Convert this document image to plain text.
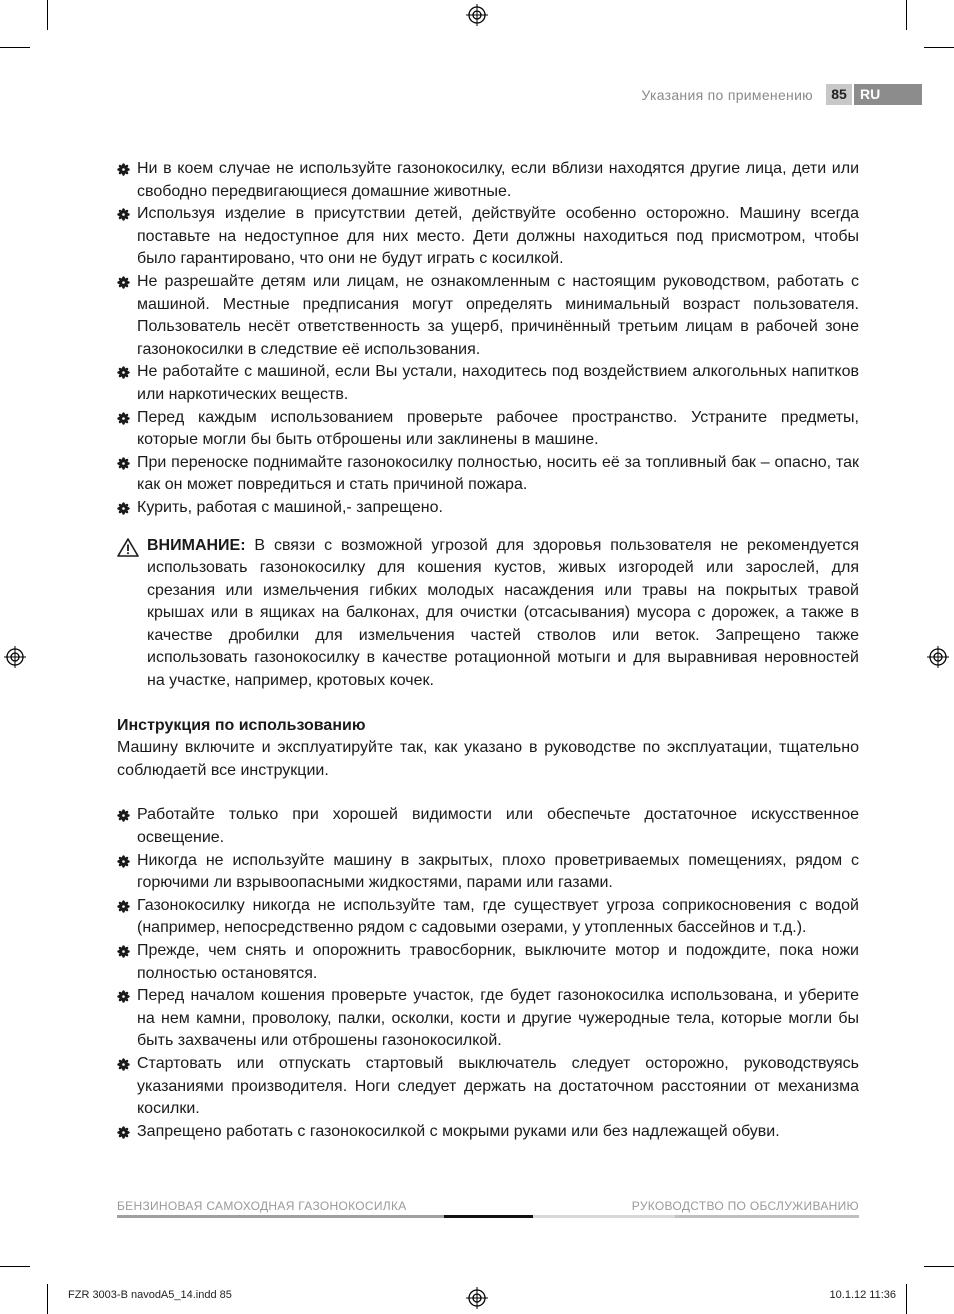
Указания по применению	85 RU
Ни в коем случае не используйте газонокосилку, если вблизи находятся другие лица, дети или свободно передвигающиеся домашние животные.
Используя изделие в присутствии детей, действуйте особенно осторожно. Машину всегда поставьте на недоступное для них место. Дети должны находиться под присмотром, чтобы было гарантировано, что они не будут играть с косилкой.
Не разрешайте детям или лицам, не ознакомленным с настоящим руководством, работать с машиной. Местные предписания могут определять минимальный возраст пользователя. Пользователь несёт ответственность за ущерб, причинённый третьим лицам в рабочей зоне газонокосилки в следствие её использования.
Не работайте с машиной, если Вы устали, находитесь под воздействием алкогольных напитков или наркотических веществ.
Перед каждым использованием проверьте рабочее пространство. Устраните предметы, которые могли бы быть отброшены или заклинены в машине.
При переноске поднимайте газонокосилку полностью, носить её за топливный бак – опасно, так как он может повредиться и стать причиной пожара.
Курить, работая с машиной,- запрещено.
ВНИМАНИЕ: В связи с возможной угрозой для здоровья пользователя не рекомендуется использовать газонокосилку для кошения кустов, живых изгородей или зарослей, для срезания или измельчения гибких молодых насаждения или травы на покрытых травой крышах или в ящиках на балконах, для очистки (отсасывания) мусора с дорожек, а также в качестве дробилки для измельчения частей стволов или веток. Запрещено также использовать газонокосилку в качестве ротационной мотыги и для выравнивая неровностей на участке, например, кротовых кочек.
Инструкция по использованию
Машину включите и эксплуатируйте так, как указано в руководстве по эксплуатации, тщательно соблюдаетй все инструкции.
Работайте только при хорошей видимости или обеспечьте достаточное искусственное освещение.
Никогда не используйте машину в закрытых, плохо проветриваемых помещениях, рядом с горючими ли взрывоопасными жидкостями, парами или газами.
Газонокосилку никогда не используйте там, где существует угроза соприкосновения с водой (например, непосредственно рядом с садовыми озерами, у утопленных бассейнов и т.д.).
Прежде, чем снять и опорожнить травосборник, выключите мотор и подождите, пока ножи полностью остановятся.
Перед началом кошения проверьте участок, где будет газонокосилка использована, и уберите на нем камни, проволоку, палки, осколки, кости и другие чужеродные тела, которые могли бы быть захвачены или отброшены газонокосилкой.
Стартовать или отпускать стартовый выключатель следует осторожно, руководствуясь указаниями производителя. Ноги следует держать на достаточном расстоянии от механизма косилки.
Запрещено работать с газонокосилкой с мокрыми руками или без надлежащей обуви.
БЕНЗИНОВАЯ САМОХОДНАЯ ГАЗОНОКОСИЛКА	РУКОВОДСТВО ПО ОБСЛУЖИВАНИЮ
FZR 3003-B navodA5_14.indd 85	10.1.12 11:36
